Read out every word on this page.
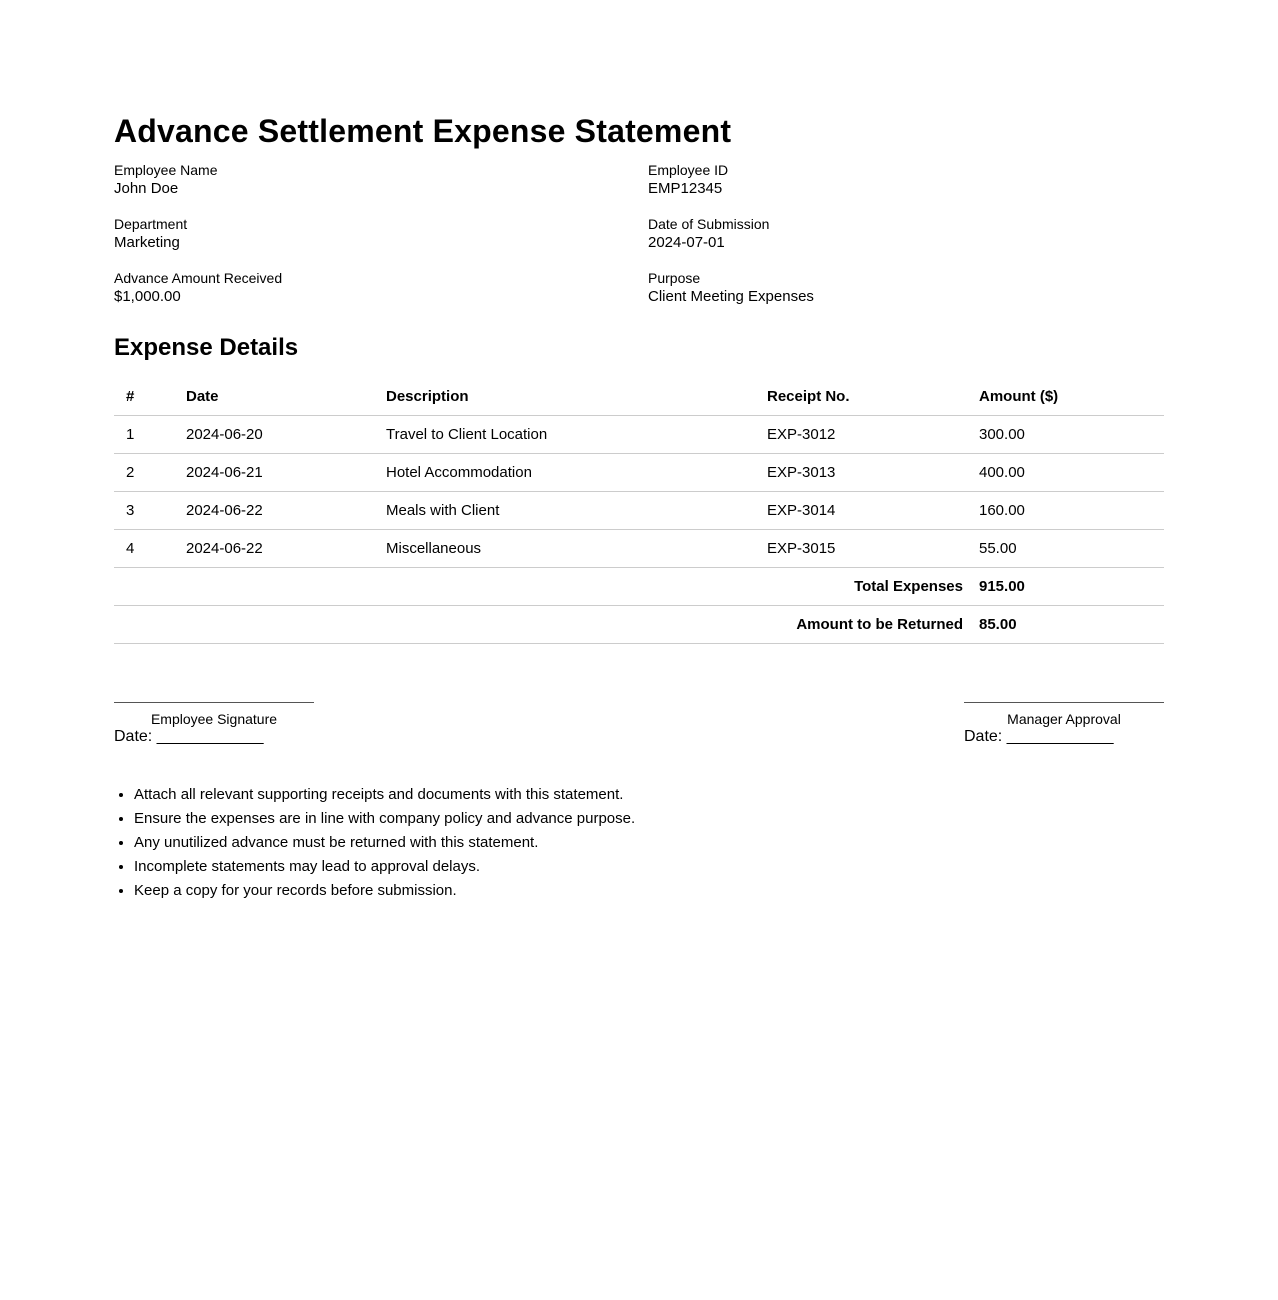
Advance Settlement Expense Statement
Employee Name
John Doe
Employee ID
EMP12345
Department
Marketing
Date of Submission
2024-07-01
Advance Amount Received
$1,000.00
Purpose
Client Meeting Expenses
Expense Details
#	Date	Description	Receipt No.	Amount ($)
1	2024-06-20	Travel to Client Location	EXP-3012	300.00
2	2024-06-21	Hotel Accommodation	EXP-3013	400.00
3	2024-06-22	Meals with Client	EXP-3014	160.00
4	2024-06-22	Miscellaneous	EXP-3015	55.00
Total Expenses				915.00
Amount to be Returned				85.00
Employee Signature
Date: ____________
Manager Approval
Date: ____________
• Attach all relevant supporting receipts and documents with this statement.
• Ensure the expenses are in line with company policy and advance purpose.
• Any unutilized advance must be returned with this statement.
• Incomplete statements may lead to approval delays.
• Keep a copy for your records before submission.
